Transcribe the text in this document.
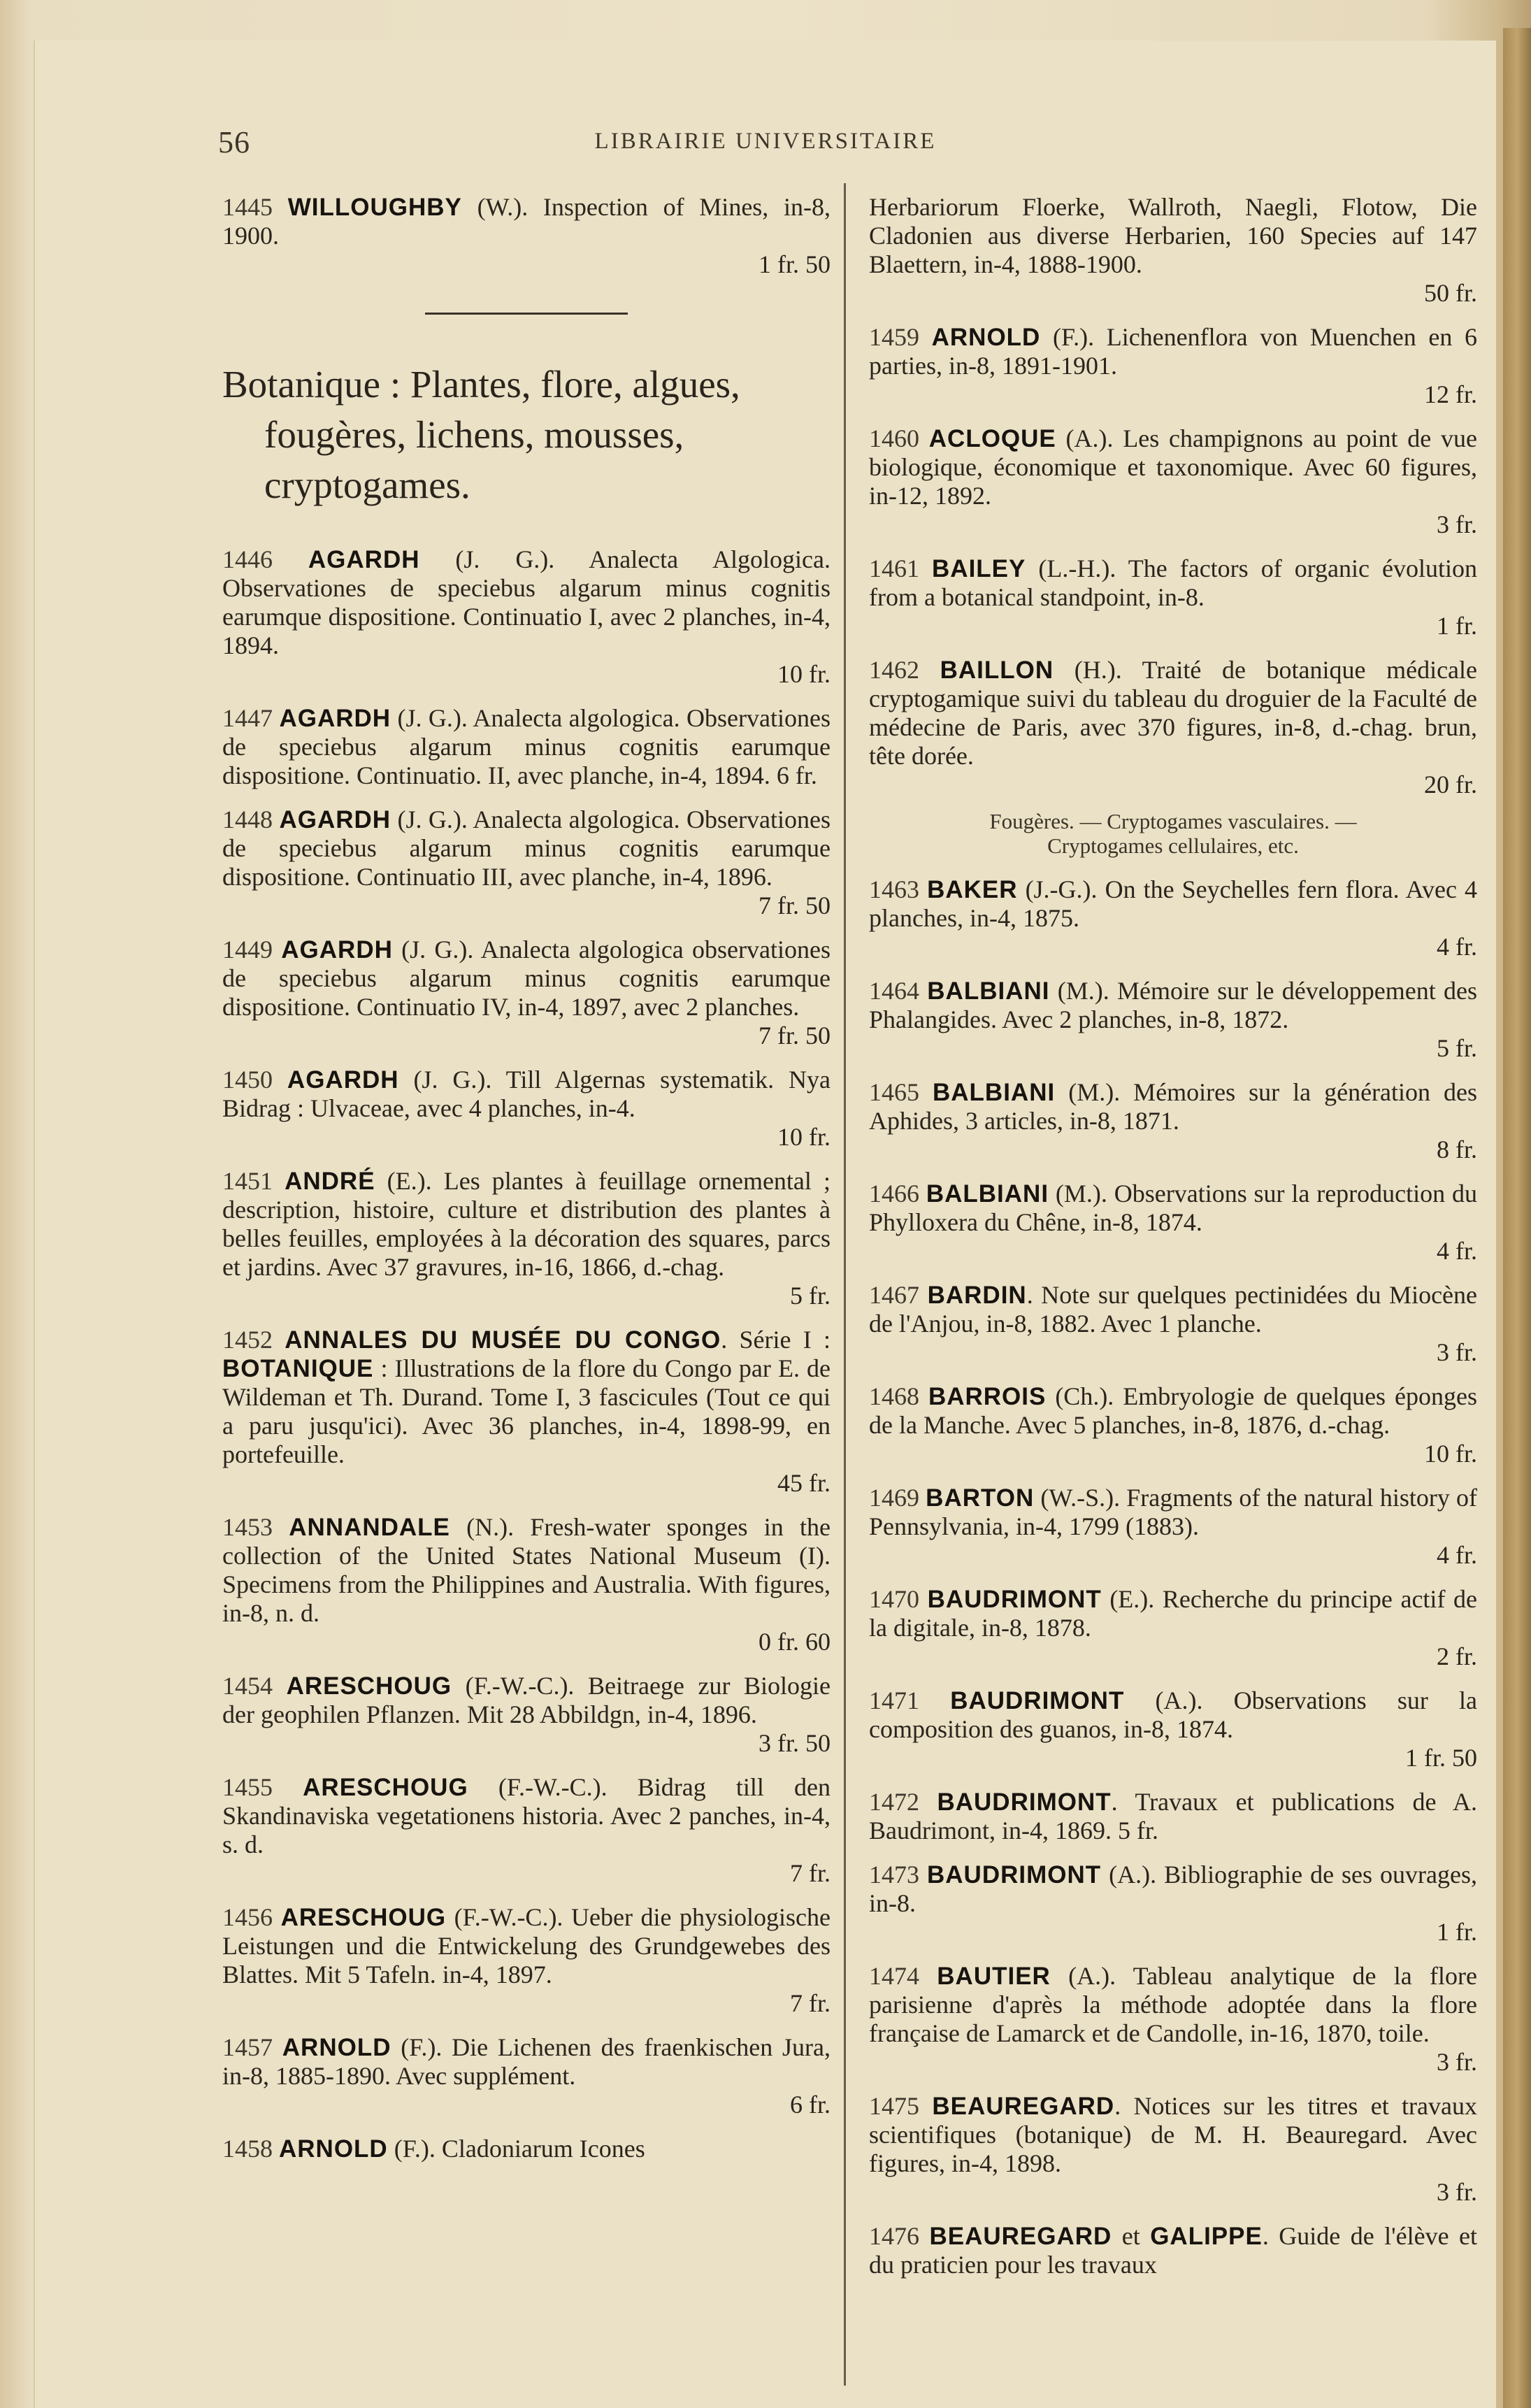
56	LIBRAIRIE UNIVERSITAIRE
1445 WILLOUGHBY (W.). Inspection of Mines, in-8, 1900.
1 fr. 50
Botanique : Plantes, flore, algues,
fougères, lichens, mousses,
cryptogames.
1446 AGARDH (J. G.). Analecta Algologica. Observationes de speciebus algarum minus cognitis earumque dispositione. Continuatio I, avec 2 planches, in-4, 1894.
10 fr.
1447 AGARDH (J. G.). Analecta algologica. Observationes de speciebus algarum minus cognitis earumque dispositione. Continuatio. II, avec planche, in-4, 1894. 6 fr.
1448 AGARDH (J. G.). Analecta algologica. Observationes de speciebus algarum minus cognitis earumque dispositione. Continuatio III, avec planche, in-4, 1896.
7 fr. 50
1449 AGARDH (J. G.). Analecta algologica observationes de speciebus algarum minus cognitis earumque dispositione. Continuatio IV, in-4, 1897, avec 2 planches.
7 fr. 50
1450 AGARDH (J. G.). Till Algernas systematik. Nya Bidrag : Ulvaceae, avec 4 planches, in-4.
10 fr.
1451 ANDRÉ (E.). Les plantes à feuillage ornemental ; description, histoire, culture et distribution des plantes à belles feuilles, employées à la décoration des squares, parcs et jardins. Avec 37 gravures, in-16, 1866, d.-chag.
5 fr.
1452 ANNALES DU MUSÉE DU CONGO. Série I : BOTANIQUE : Illustrations de la flore du Congo par E. de Wildeman et Th. Durand. Tome I, 3 fascicules (Tout ce qui a paru jusqu'ici). Avec 36 planches, in-4, 1898-99, en portefeuille.
45 fr.
1453 ANNANDALE (N.). Fresh-water sponges in the collection of the United States National Museum (I). Specimens from the Philippines and Australia. With figures, in-8, n. d.
0 fr. 60
1454 ARESCHOUG (F.-W.-C.). Beitraege zur Biologie der geophilen Pflanzen. Mit 28 Abbildgn, in-4, 1896.
3 fr. 50
1455 ARESCHOUG (F.-W.-C.). Bidrag till den Skandinaviska vegetationens historia. Avec 2 panches, in-4, s. d.
7 fr.
1456 ARESCHOUG (F.-W.-C.). Ueber die physiologische Leistungen und die Entwickelung des Grundgewebes des Blattes. Mit 5 Tafeln. in-4, 1897.
7 fr.
1457 ARNOLD (F.). Die Lichenen des fraenkischen Jura, in-8, 1885-1890. Avec supplément.
6 fr.
1458 ARNOLD (F.). Cladoniarum Icones
Herbariorum Floerke, Wallroth, Naegli, Flotow, Die Cladonien aus diverse Herbarien, 160 Species auf 147 Blaettern, in-4, 1888-1900.
50 fr.
1459 ARNOLD (F.). Lichenenflora von Muenchen en 6 parties, in-8, 1891-1901.
12 fr.
1460 ACLOQUE (A.). Les champignons au point de vue biologique, économique et taxonomique. Avec 60 figures, in-12, 1892.
3 fr.
1461 BAILEY (L.-H.). The factors of organic évolution from a botanical standpoint, in-8.
1 fr.
1462 BAILLON (H.). Traité de botanique médicale cryptogamique suivi du tableau du droguier de la Faculté de médecine de Paris, avec 370 figures, in-8, d.-chag. brun, tête dorée.
20 fr.
Fougères. — Cryptogames vasculaires. —
Cryptogames cellulaires, etc.
1463 BAKER (J.-G.). On the Seychelles fern flora. Avec 4 planches, in-4, 1875.
4 fr.
1464 BALBIANI (M.). Mémoire sur le développement des Phalangides. Avec 2 planches, in-8, 1872.
5 fr.
1465 BALBIANI (M.). Mémoires sur la génération des Aphides, 3 articles, in-8, 1871.
8 fr.
1466 BALBIANI (M.). Observations sur la reproduction du Phylloxera du Chêne, in-8, 1874.
4 fr.
1467 BARDIN. Note sur quelques pectinidées du Miocène de l'Anjou, in-8, 1882. Avec 1 planche.
3 fr.
1468 BARROIS (Ch.). Embryologie de quelques éponges de la Manche. Avec 5 planches, in-8, 1876, d.-chag.
10 fr.
1469 BARTON (W.-S.). Fragments of the natural history of Pennsylvania, in-4, 1799 (1883).
4 fr.
1470 BAUDRIMONT (E.). Recherche du principe actif de la digitale, in-8, 1878.
2 fr.
1471 BAUDRIMONT (A.). Observations sur la composition des guanos, in-8, 1874.
1 fr. 50
1472 BAUDRIMONT. Travaux et publications de A. Baudrimont, in-4, 1869. 5 fr.
1473 BAUDRIMONT (A.). Bibliographie de ses ouvrages, in-8.
1 fr.
1474 BAUTIER (A.). Tableau analytique de la flore parisienne d'après la méthode adoptée dans la flore française de Lamarck et de Candolle, in-16, 1870, toile.
3 fr.
1475 BEAUREGARD. Notices sur les titres et travaux scientifiques (botanique) de M. H. Beauregard. Avec figures, in-4, 1898.
3 fr.
1476 BEAUREGARD et GALIPPE. Guide de l'élève et du praticien pour les travaux
